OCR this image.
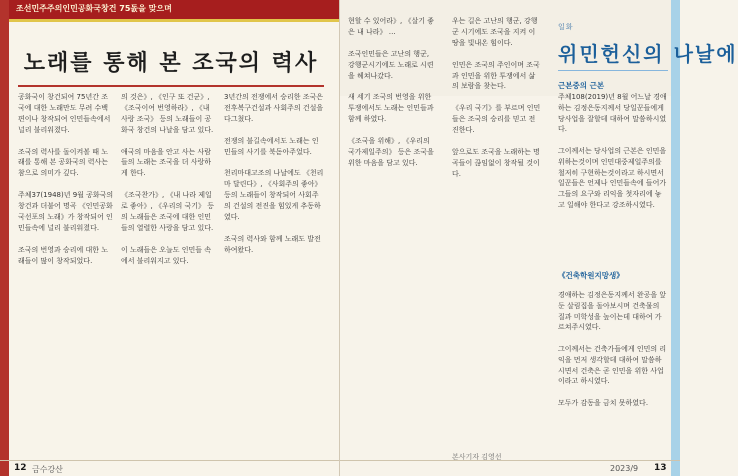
조선민주주의인민공화국창건 75돐을 맞으며
노래를 통해 본 조국의 력사
공화국이 창건되여 75년간 조국에 대한 노래만도 무려 수백편이나 창작되여 인민들속에서 널리 불리워졌다.

조국의 력사를 돌이켜볼 때 노래를 통해 본 공화국의 력사는 참으로 의미가 깊다.

주체37(1948)년 9월 공화국의 창건과 더불어 명곡 《인민공화국선포의 노래》가 창작되어 인민들속에 널리 불리워졌다.

조국의 번영과 승리에 대한 노래들이 많이 창작되었다.
의 것은》, 《인구 또 건군》, 《조국이여 번영하라》, 《내 사랑 조국》 등의 노래들이 공화국 창건의 나날을 담고 있다.

애국의 마음을 안고 사는 사람들의 노래는 조국을 더 사랑하게 한다.

《조국찬가》, 《내 나라 제일로 좋아》, 《우리의 국기》 등의 노래들은 조국에 대한 인민들의 열렬한 사랑을 담고 있다.

이 노래들은 오늘도 인민들 속에서 불리워지고 있다.
3년간의 전쟁에서 승리한 조국은 전후복구건설과 사회주의 건설을 다그쳤다.

전쟁의 불길속에서도 노래는 인민들의 사기를 북돋아주었다.

천리마대고조의 나날에도 《천리마 달린다》, 《사회주의 좋아》 등의 노래들이 창작되어 사회주의 건설의 전진을 힘있게 추동하였다.

조국의 력사와 함께 노래도 발전하여왔다.
12 금수강산
현할 수 있어라》, 《살기 좋은 내 나라》 …

조국인민들은 고난의 행군, 강행군시기에도 노래로 시련을 헤쳐나갔다.

새 세기 조국의 번영을 위한 투쟁에서도 노래는 인민들과 함께 하였다.

《조국을 위해》, 《우리의 국가제일주의》 등은 조국을 위한 마음을 담고 있다.
우는 길은 고난의 행군, 강행군 시기에도 조국을 지켜 이 땅을 빛내온 힘이다.

인민은 조국의 주인이며 조국과 인민을 위한 투쟁에서 삶의 보람을 찾는다.

《우리 국기》를 부르며 인민들은 조국의 승리를 믿고 전진한다.

앞으로도 조국을 노래하는 명곡들이 끊임없이 창작될 것이다.
본사기자 김영선
일화
위민헌신의 나날에
근본중의 근본
주체108(2019)년 8월 어느날 경애하는 김정은동지께서 당일꾼들에게 당사업을 잘할데 대하여 말씀하시였다.

그이께서는 당사업의 근본은 인민을 위하는것이며 인민대중제일주의를 철저히 구현하는것이라고 하시면서 일꾼들은 언제나 인민들속에 들어가 그들의 요구와 리익을 첫자리에 놓고 일해야 한다고 강조하시였다.
《건축학원지망생》
경애하는 김정은동지께서 완공을 앞둔 살림집을 돌아보시며 건축물의 질과 미학성을 높이는데 대하여 가르쳐주시였다.

그이께서는 건축가들에게 인민의 리익을 먼저 생각할데 대하여 말씀하시면서 건축은 곧 인민을 위한 사업이라고 하시였다.

모두가 감동을 금치 못하였다.
2023/9 13
